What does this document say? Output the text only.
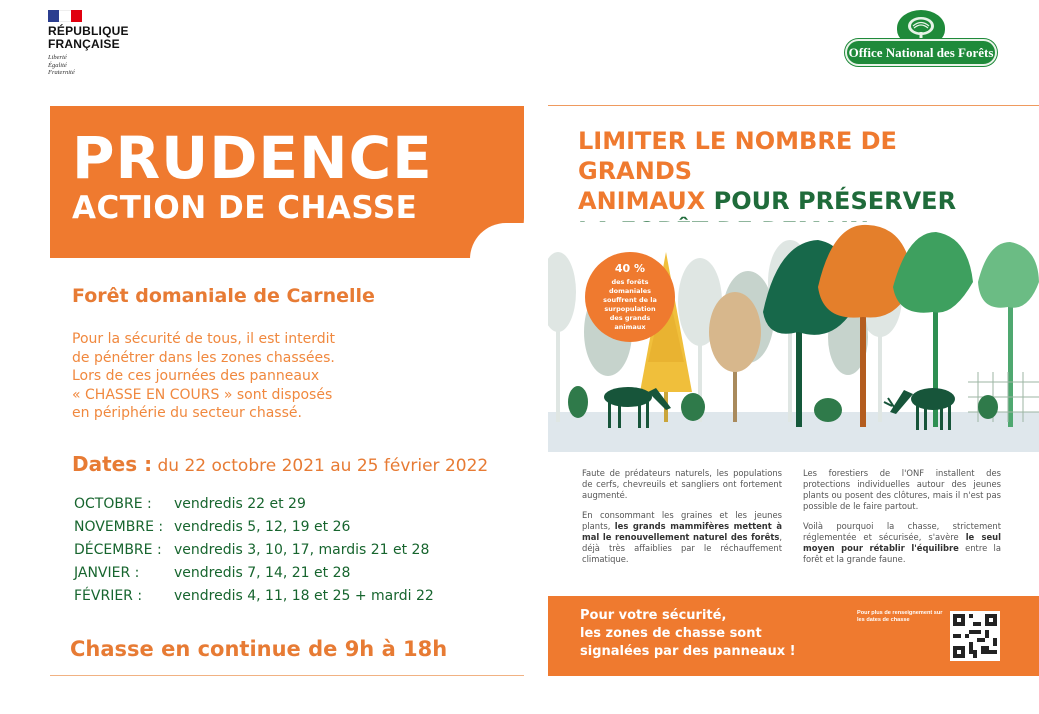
RÉPUBLIQUE
FRANÇAISE
Liberté
Égalité
Fraternité
Office National des Forêts
PRUDENCE
ACTION DE CHASSE
Forêt domaniale de Carnelle
Pour la sécurité de tous, il est interdit
de pénétrer dans les zones chassées.
Lors de ces journées des panneaux
« CHASSE EN COURS » sont disposés
en périphérie du secteur chassé.
Dates : du 22 octobre 2021 au 25 février 2022
OCTOBRE :	vendredis 22 et 29
NOVEMBRE : vendredis 5, 12, 19 et 26
DÉCEMBRE : vendredis 3, 10, 17, mardis 21 et 28
JANVIER :	vendredis 7, 14, 21 et 28
FÉVRIER :	vendredis 4, 11, 18 et 25 + mardi 22
Chasse en continue de 9h à 18h
LIMITER LE NOMBRE DE GRANDS
ANIMAUX POUR PRÉSERVER
40 %
des forêts
domaniales
souffrent de la
surpopulation
des grands
animaux

Faute de prédateurs naturels, les populations de cerfs, chevreuils et sangliers ont fortement augmenté.

En consommant les graines et les jeunes plants, les grands mammifères mettent à mal le renouvellement naturel des forêts, déjà très affaiblies par le réchauffement climatique.

Les forestiers de l'ONF installent des protections individuelles autour des jeunes plants ou posent des clôtures, mais il n'est pas possible de le faire partout.

Voilà pourquoi la chasse, strictement réglementée et sécurisée, s'avère le seul moyen pour rétablir l'équilibre entre la forêt et la grande faune.

Pour votre sécurité,
les zones de chasse sont
signalées par des panneaux !
Pour plus de renseignement sur les dates de chasse
